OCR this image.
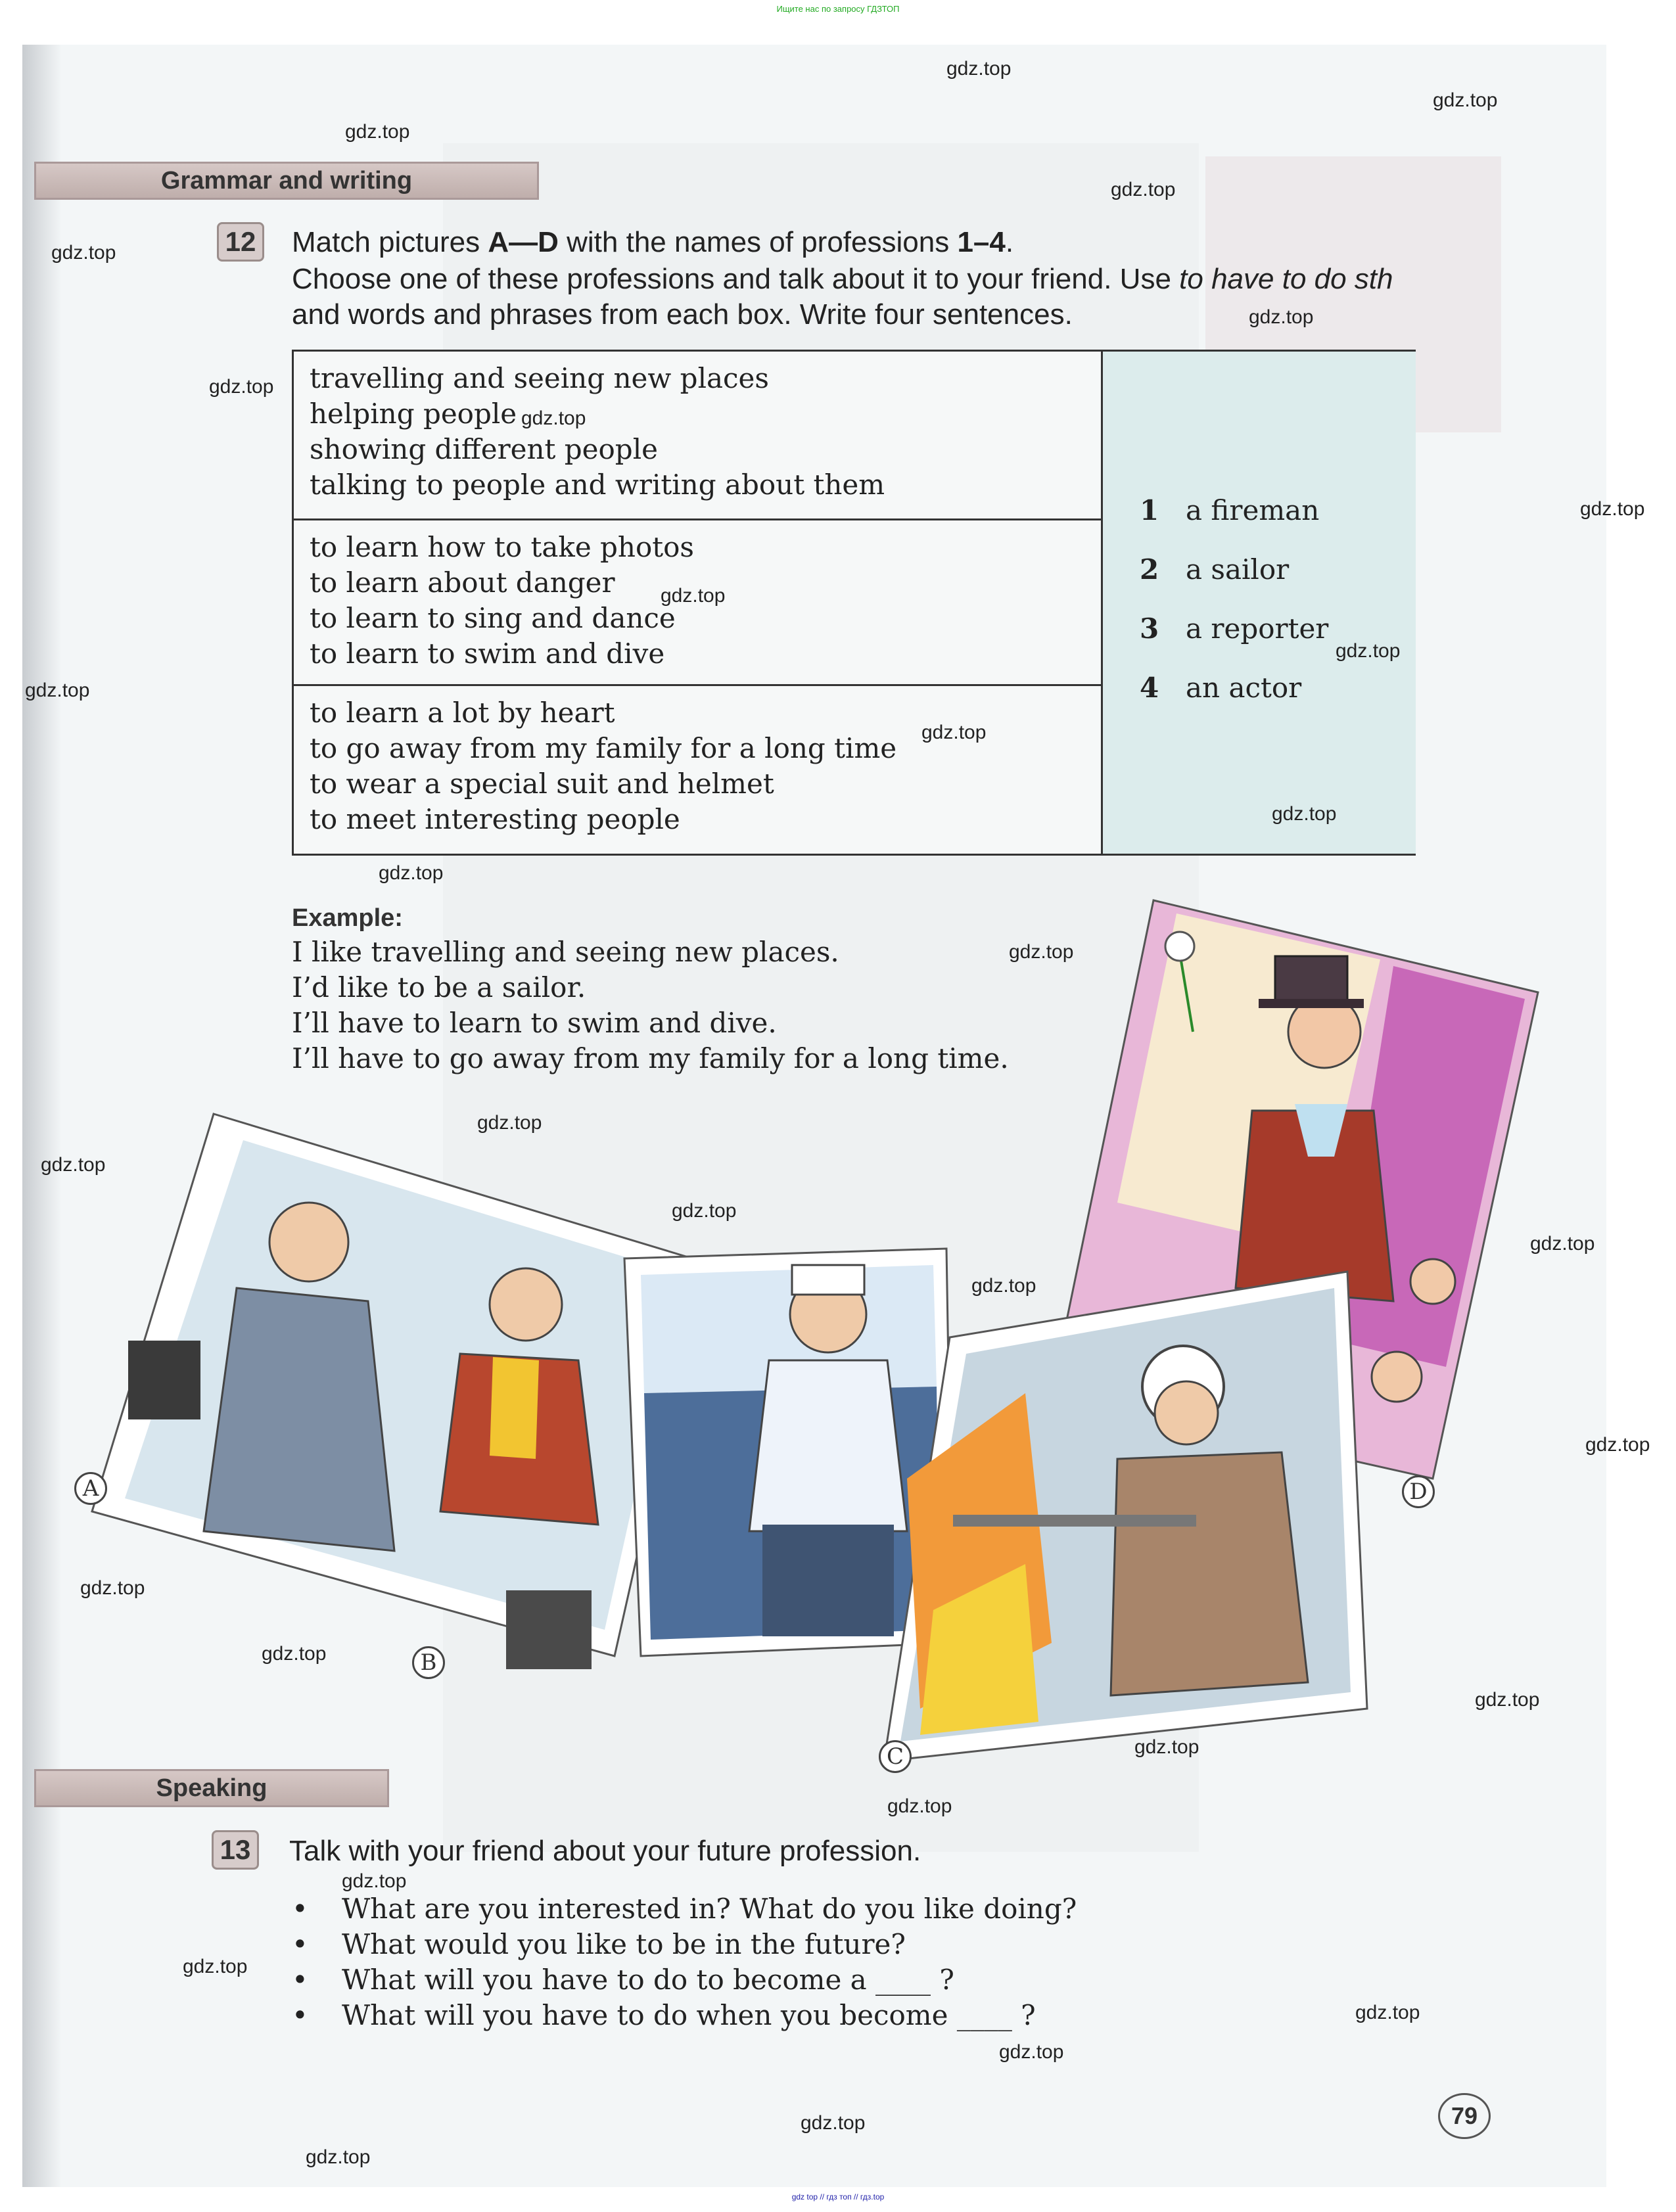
Ищите нас по запросу ГДЗТОП
Grammar and writing
12 Match pictures A—D with the names of professions 1–4.
Choose one of these professions and talk about it to your friend. Use to have to do sth
and words and phrases from each box. Write four sentences.
travelling and seeing new places
helping people
showing different people
talking to people and writing about them
to learn how to take photos
to learn about danger
to learn to sing and dance
to learn to swim and dive
to learn a lot by heart
to go away from my family for a long time
to wear a special suit and helmet
to meet interesting people
1 a fireman
2 a sailor
3 a reporter
4 an actor
Example:
I like travelling and seeing new places.
I’d like to be a sailor.
I’ll have to learn to swim and dive.
I’ll have to go away from my family for a long time.
A
B
C
D
Speaking
13 Talk with your friend about your future profession.
• What are you interested in? What do you like doing?
• What would you like to be in the future?
• What will you have to do to become a ____ ?
• What will you have to do when you become ____ ?
79
gdz.top
gdz.top
gdz.top
gdz.top
gdz.top
gdz.top
gdz.top
gdz.top
gdz.top
gdz.top
gdz.top
gdz.top
gdz.top
gdz.top
gdz.top
gdz.top
gdz.top
gdz.top
gdz.top
gdz.top
gdz.top
gdz.top
gdz.top
gdz.top
gdz.top
gdz.top
gdz.top
gdz.top
gdz.top
gdz.top
gdz.top
gdz.top
gdz.top
gdz top // гдз топ // гдз.top
